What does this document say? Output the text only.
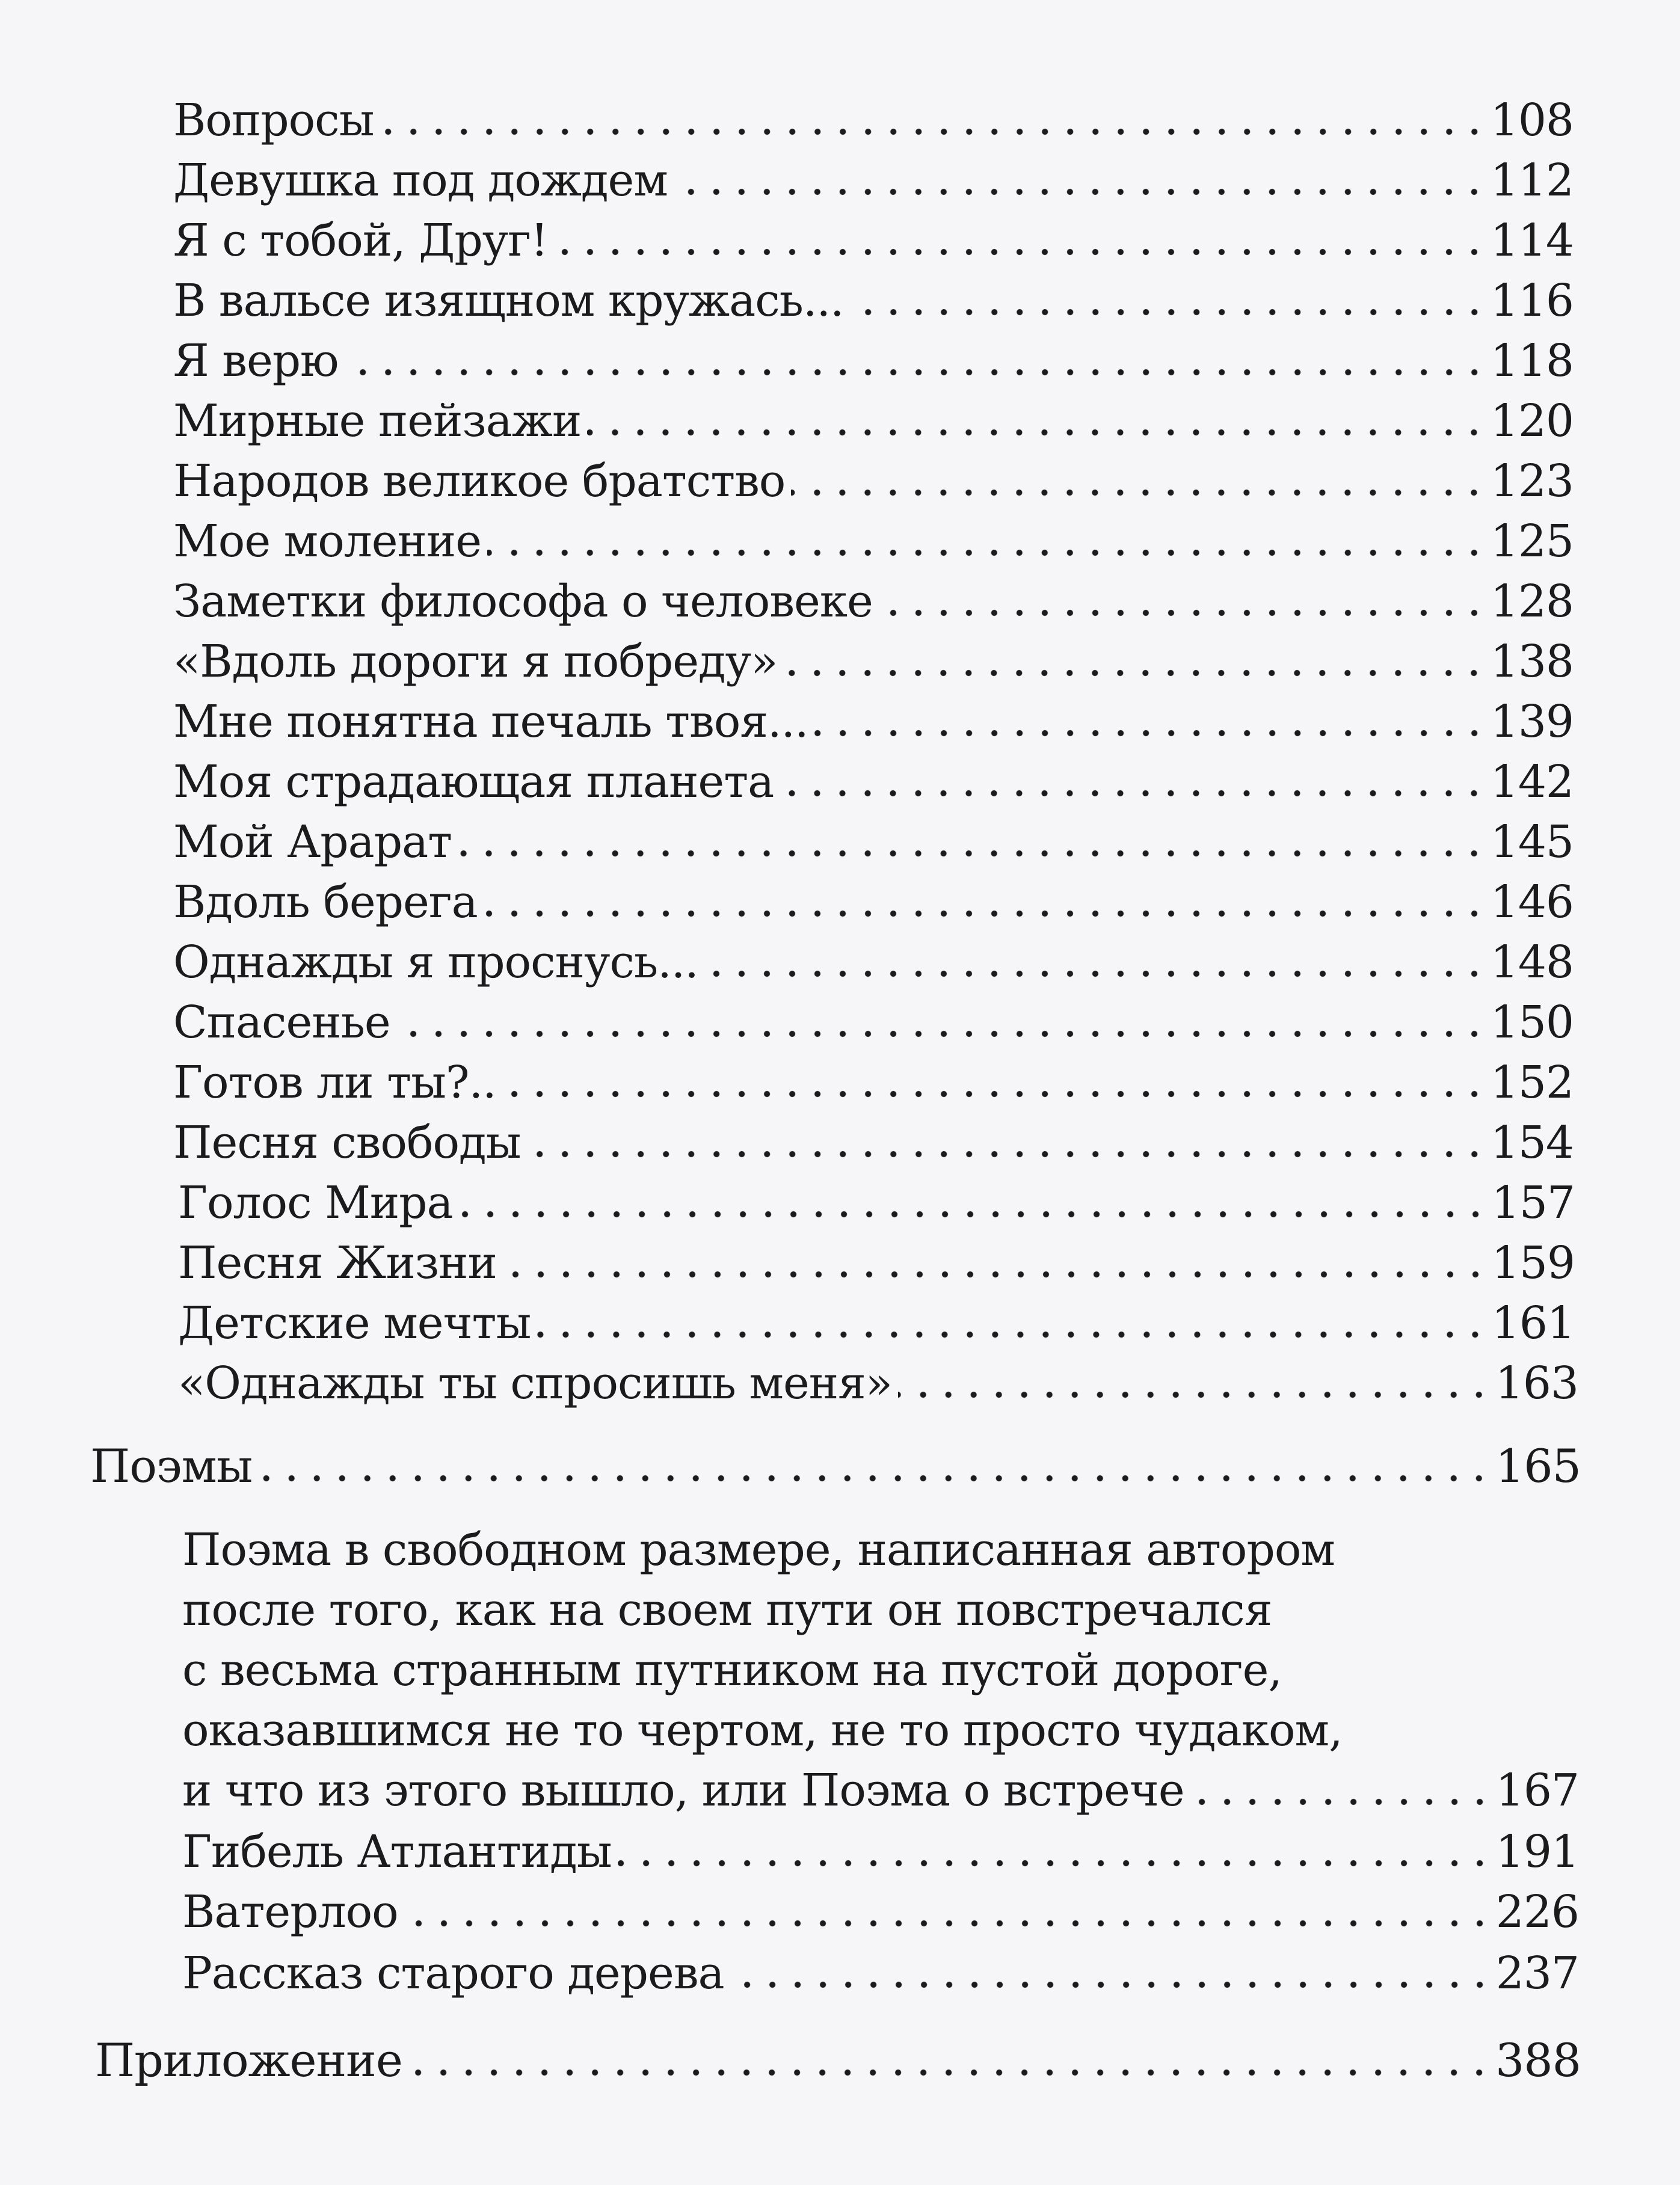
Вопросы	108
Девушка под дождем	112
Я с тобой, Друг!	114
В вальсе изящном кружась...	116
Я верю	118
Мирные пейзажи	120
Народов великое братство	123
Мое моление	125
Заметки философа о человеке	128
«Вдоль дороги я побреду»	138
Мне понятна печаль твоя...	139
Моя страдающая планета	142
Мой Арарат	145
Вдоль берега	146
Однажды я проснусь...	148
Спасенье	150
Готов ли ты?..	152
Песня свободы	154
Голос Мира	157
Песня Жизни	159
Детские мечты	161
«Однажды ты спросишь меня»	163
Поэмы	165
Поэма в свободном размере, написанная автором
после того, как на своем пути он повстречался
с весьма странным путником на пустой дороге,
оказавшимся не то чертом, не то просто чудаком,
и что из этого вышло, или Поэма о встрече	167
Гибель Атлантиды	191
Ватерлоо	226
Рассказ старого дерева	237
Приложение	388
